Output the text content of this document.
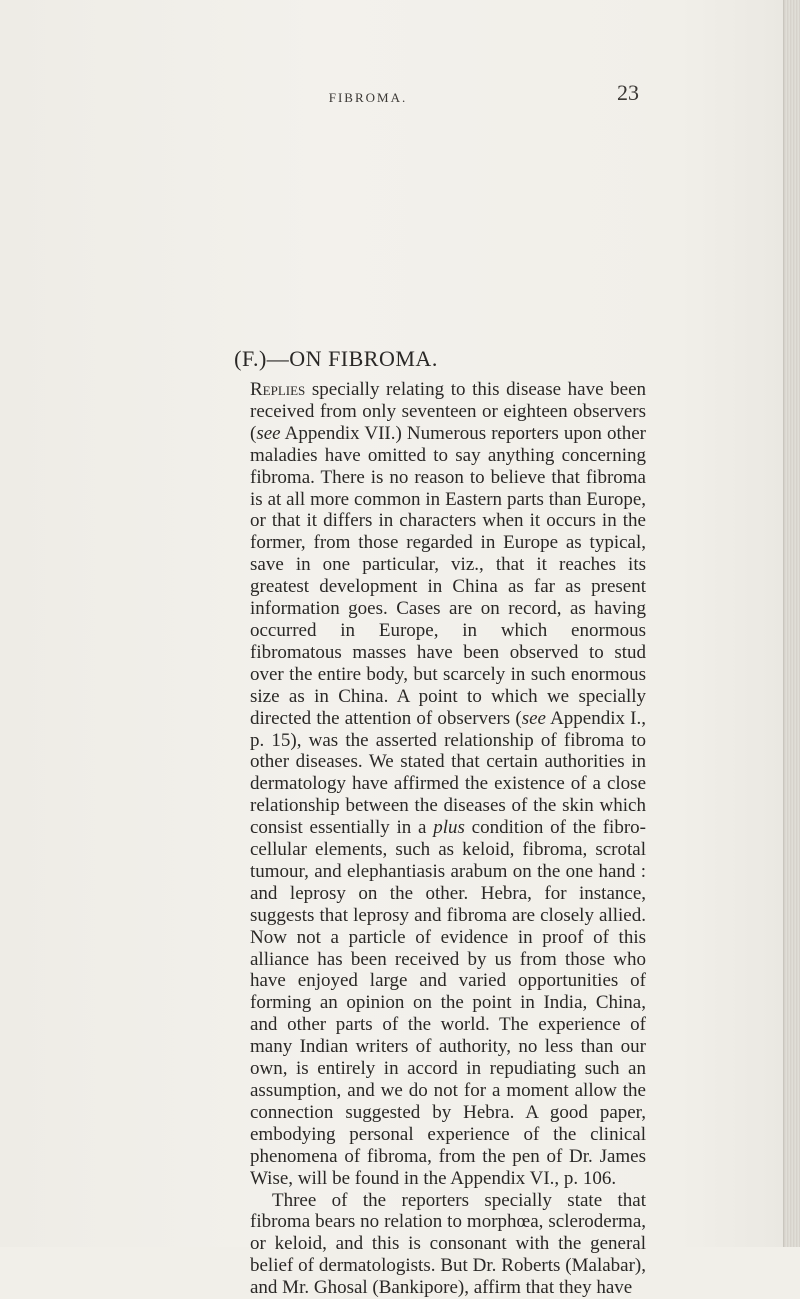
FIBROMA.	23
(F.)—ON FIBROMA.

Replies specially relating to this disease have been received from only seventeen or eighteen observers (see Appendix VII.) Numerous reporters upon other maladies have omitted to say anything concerning fibroma. There is no reason to believe that fibroma is at all more common in Eastern parts than Europe, or that it differs in characters when it occurs in the former, from those regarded in Europe as typical, save in one particular, viz., that it reaches its greatest development in China as far as present information goes. Cases are on record, as having occurred in Europe, in which enormous fibromatous masses have been observed to stud over the entire body, but scarcely in such enormous size as in China. A point to which we specially directed the attention of observers (see Appendix I., p. 15), was the asserted relationship of fibroma to other diseases. We stated that certain authorities in dermatology have affirmed the existence of a close relationship between the diseases of the skin which consist essentially in a plus condition of the fibro-cellular elements, such as keloid, fibroma, scrotal tumour, and elephantiasis arabum on the one hand : and leprosy on the other. Hebra, for instance, suggests that leprosy and fibroma are closely allied. Now not a particle of evidence in proof of this alliance has been received by us from those who have enjoyed large and varied opportunities of forming an opinion on the point in India, China, and other parts of the world. The experience of many Indian writers of authority, no less than our own, is entirely in accord in repudiating such an assumption, and we do not for a moment allow the connection suggested by Hebra. A good paper, embodying personal experience of the clinical phenomena of fibroma, from the pen of Dr. James Wise, will be found in the Appendix VI., p. 106.

Three of the reporters specially state that fibroma bears no relation to morphœa, scleroderma, or keloid, and this is consonant with the general belief of dermatologists. But Dr. Roberts (Malabar), and Mr. Ghosal (Bankipore), affirm that they have
